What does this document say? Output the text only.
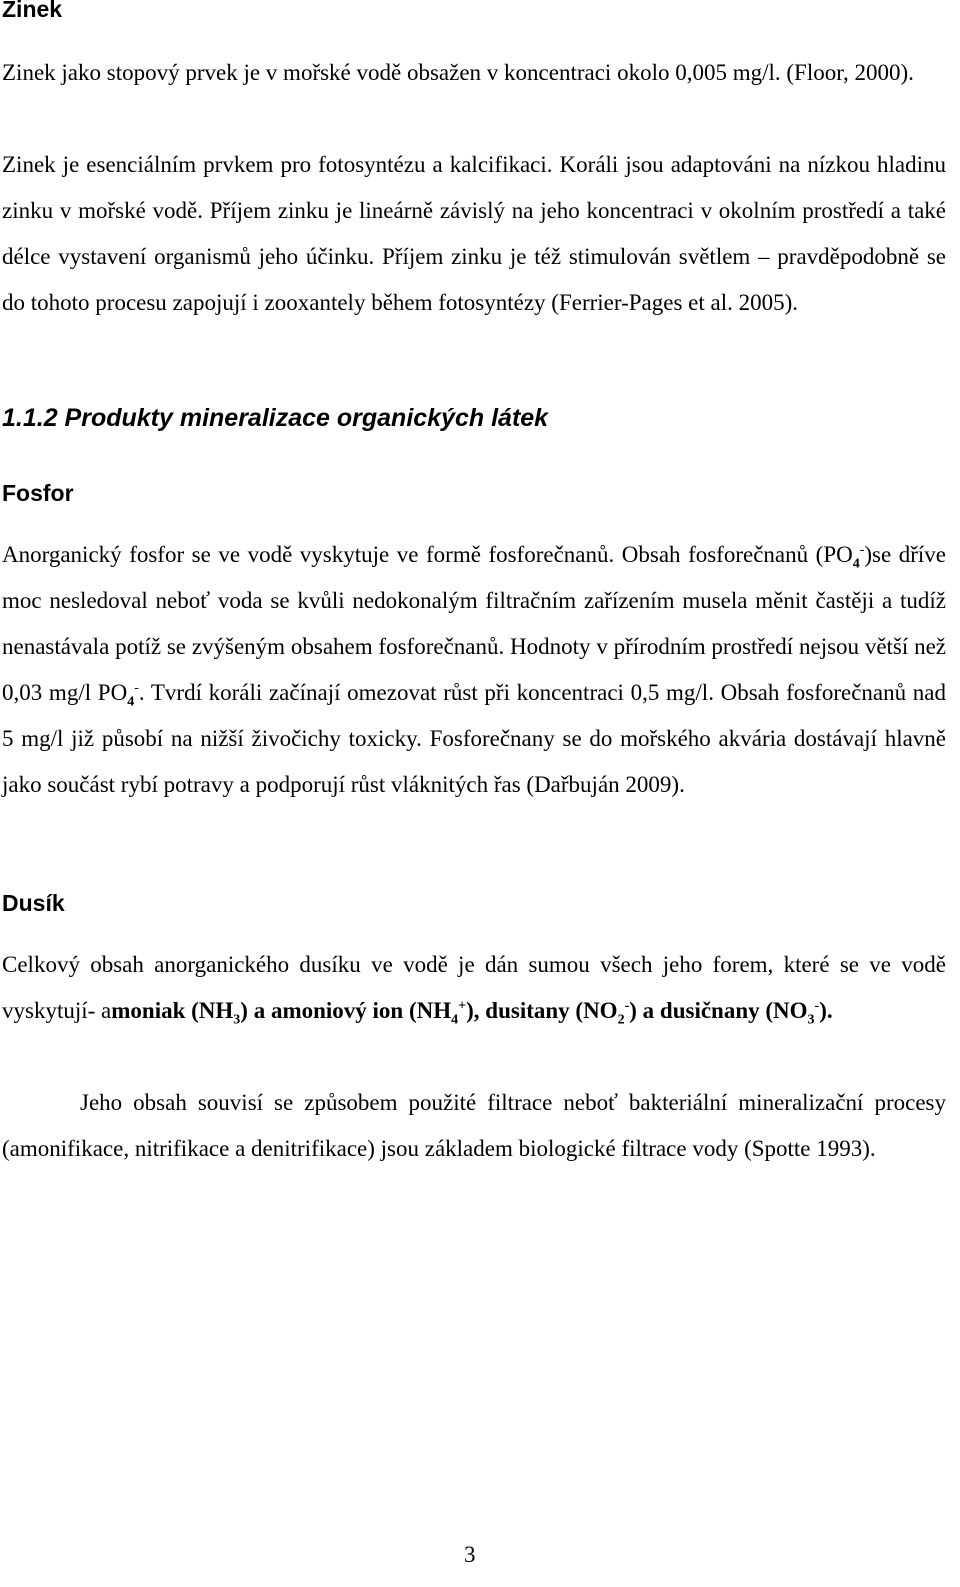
Zinek

Zinek jako stopový prvek je v mořské vodě obsažen v koncentraci okolo 0,005 mg/l. (Floor, 2000).

Zinek je esenciálním prvkem pro fotosyntézu a kalcifikaci. Koráli jsou adaptováni na nízkou hladinu zinku v mořské vodě. Příjem zinku je lineárně závislý na jeho koncentraci v okolním prostředí a také délce vystavení organismů jeho účinku. Příjem zinku je též stimulován světlem – pravděpodobně se do tohoto procesu zapojují i zooxantely během fotosyntézy (Ferrier-Pages et al. 2005).

1.1.2 Produkty mineralizace organických látek
Fosfor

Anorganický fosfor se ve vodě vyskytuje ve formě fosforečnanů. Obsah fosforečnanů $(PO_4^-)se$ dříve moc nesledoval neboť voda se kvůli nedokonalým filtračním zařízením musela měnit častěji a tudíž nenastávala potíž se zvýšeným obsahem fosforečnanů. Hodnoty v přírodním prostředí nejsou větší než 0,03 mg/l $PO_4^-$. Tvrdí koráli začínají omezovat růst při koncentraci 0,5 mg/l. Obsah fosforečnanů nad 5 mg/l již působí na nižší živočichy toxicky. Fosforečnany se do mořského akvária dostávají hlavně jako součást rybí potravy a podporují růst vláknitých řas (Dařbuján 2009).

Dusík

Celkový obsah anorganického dusíku ve vodě je dán sumou všech jeho forem, které se ve vodě vyskytují- amoniak $(NH_3)$ a amoniový ion $(NH_4^+)$, dusitany $(NO_2^-)$ a dusičnany $(NO_3^-)$.

Jeho obsah souvisí se způsobem použité filtrace neboť bakteriální mineralizační procesy (amonifikace, nitrifikace a denitrifikace) jsou základem biologické filtrace vody (Spotte 1993).

3
